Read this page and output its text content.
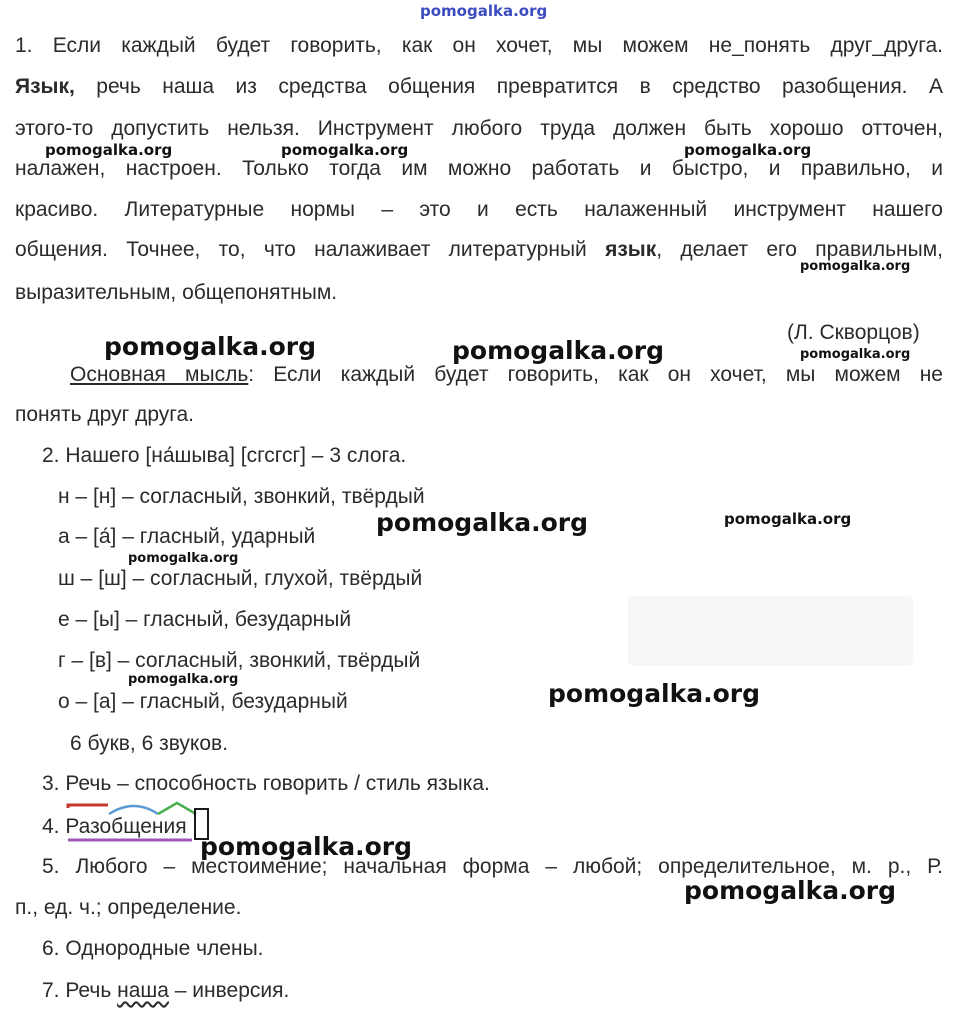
pomogalka.org
1. Если каждый будет говорить, как он хочет, мы можем не_понять друг_друга.
Язык, речь наша из средства общения превратится в средство разобщения. А
этого-то допустить нельзя. Инструмент любого труда должен быть хорошо отточен,
налажен, настроен. Только тогда им можно работать и быстро, и правильно, и
красиво. Литературные нормы – это и есть налаженный инструмент нашего
общения. Точнее, то, что налаживает литературный язык, делает его правильным,
выразительным, общепонятным.
(Л. Скворцов)
Основная мысль: Если каждый будет говорить, как он хочет, мы можем не
понять друг друга.
2. Нашего [на́шыва] [сгсгсг] – 3 слога.
н – [н] – согласный, звонкий, твёрдый
а – [а́] – гласный, ударный
ш – [ш] – согласный, глухой, твёрдый
е – [ы] – гласный, безударный
г – [в] – согласный, звонкий, твёрдый
о – [а] – гласный, безударный
6 букв, 6 звуков.
3. Речь – способность говорить / стиль языка.
4. Разобщения
5. Любого – местоимение; начальная форма – любой; определительное, м. р., Р.
п., ед. ч.; определение.
6. Однородные члены.
7. Речь наша – инверсия.
pomogalka.org	pomogalka.org	pomogalka.org
pomogalka.org
pomogalka.org	pomogalka.org	pomogalka.org
pomogalka.org	pomogalka.org
pomogalka.org
pomogalka.org	pomogalka.org
pomogalka.org
pomogalka.org
